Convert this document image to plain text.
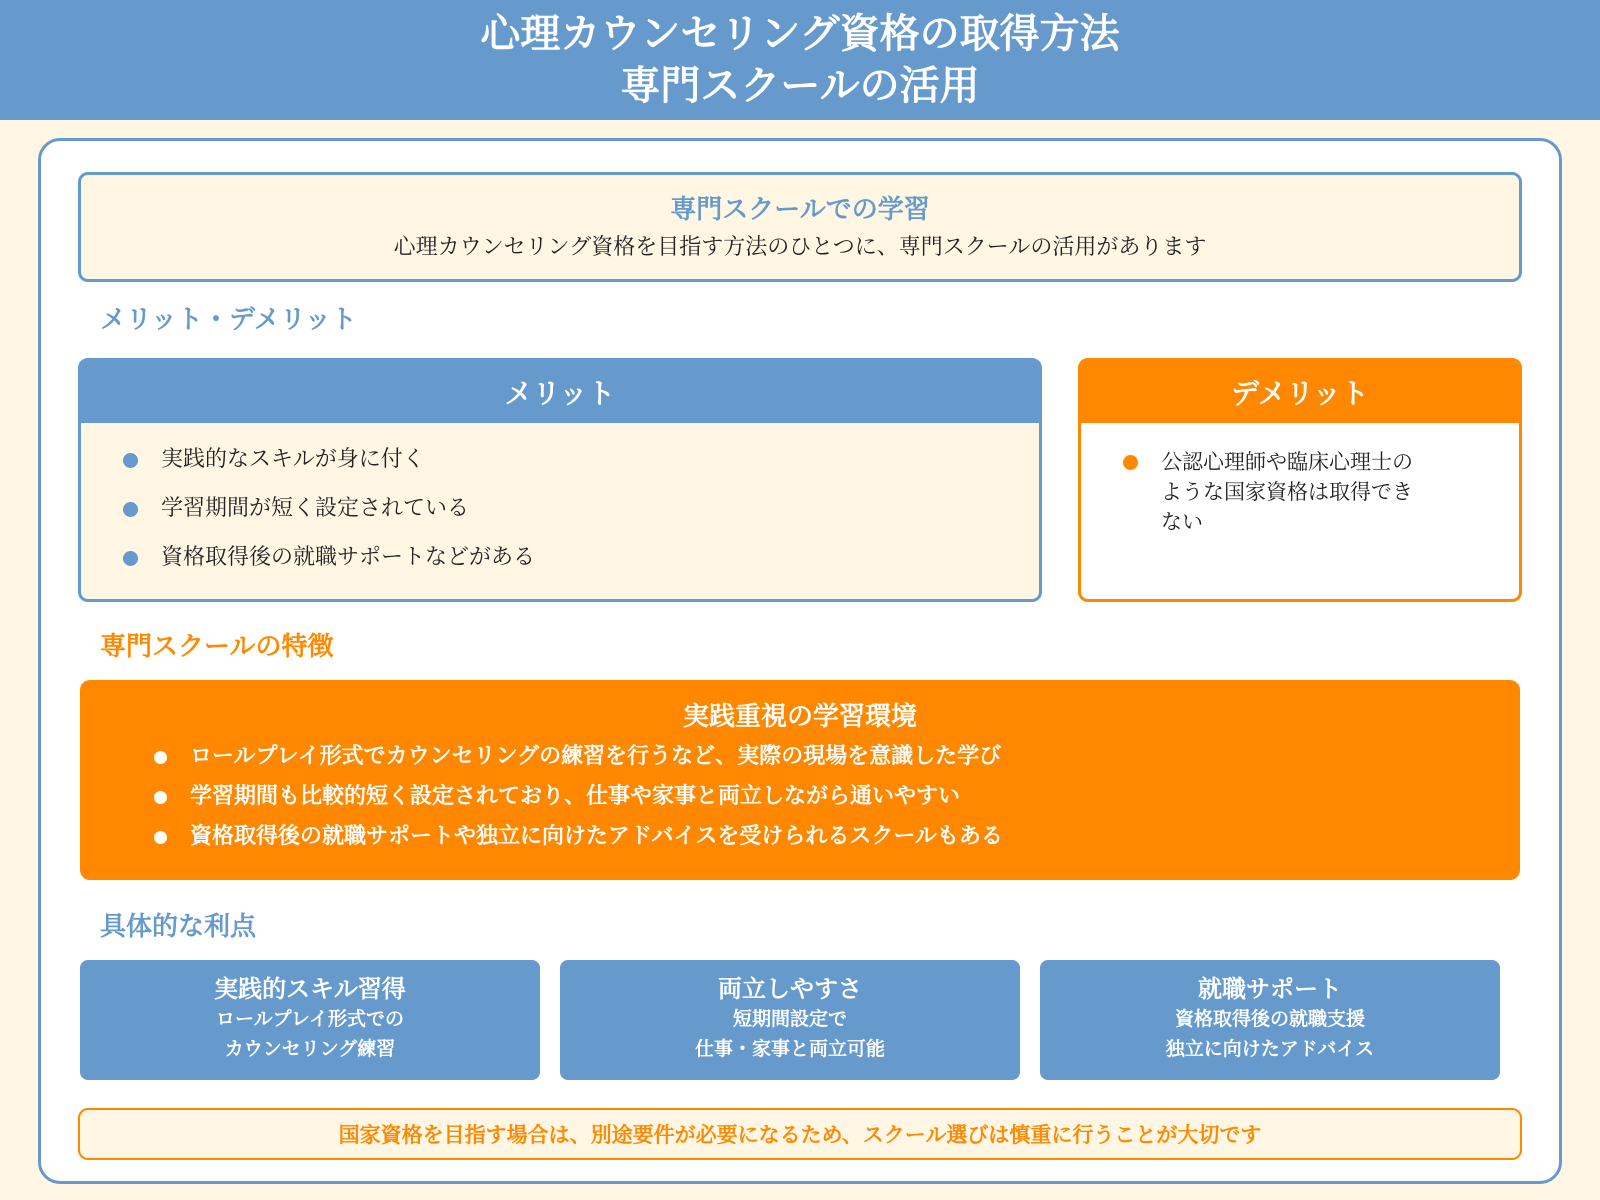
心理カウンセリング資格の取得方法
専門スクールの活用
専門スクールでの学習
心理カウンセリング資格を目指す方法のひとつに、専門スクールの活用があります
メリット・デメリット
メリット
実践的なスキルが身に付く
学習期間が短く設定されている
資格取得後の就職サポートなどがある
デメリット
公認心理師や臨床心理士のような国家資格は取得できない
専門スクールの特徴
実践重視の学習環境
ロールプレイ形式でカウンセリングの練習を行うなど、実際の現場を意識した学び
学習期間も比較的短く設定されており、仕事や家事と両立しながら通いやすい
資格取得後の就職サポートや独立に向けたアドバイスを受けられるスクールもある
具体的な利点
実践的スキル習得
ロールプレイ形式での
カウンセリング練習
両立しやすさ
短期間設定で
仕事・家事と両立可能
就職サポート
資格取得後の就職支援
独立に向けたアドバイス
国家資格を目指す場合は、別途要件が必要になるため、スクール選びは慎重に行うことが大切です
